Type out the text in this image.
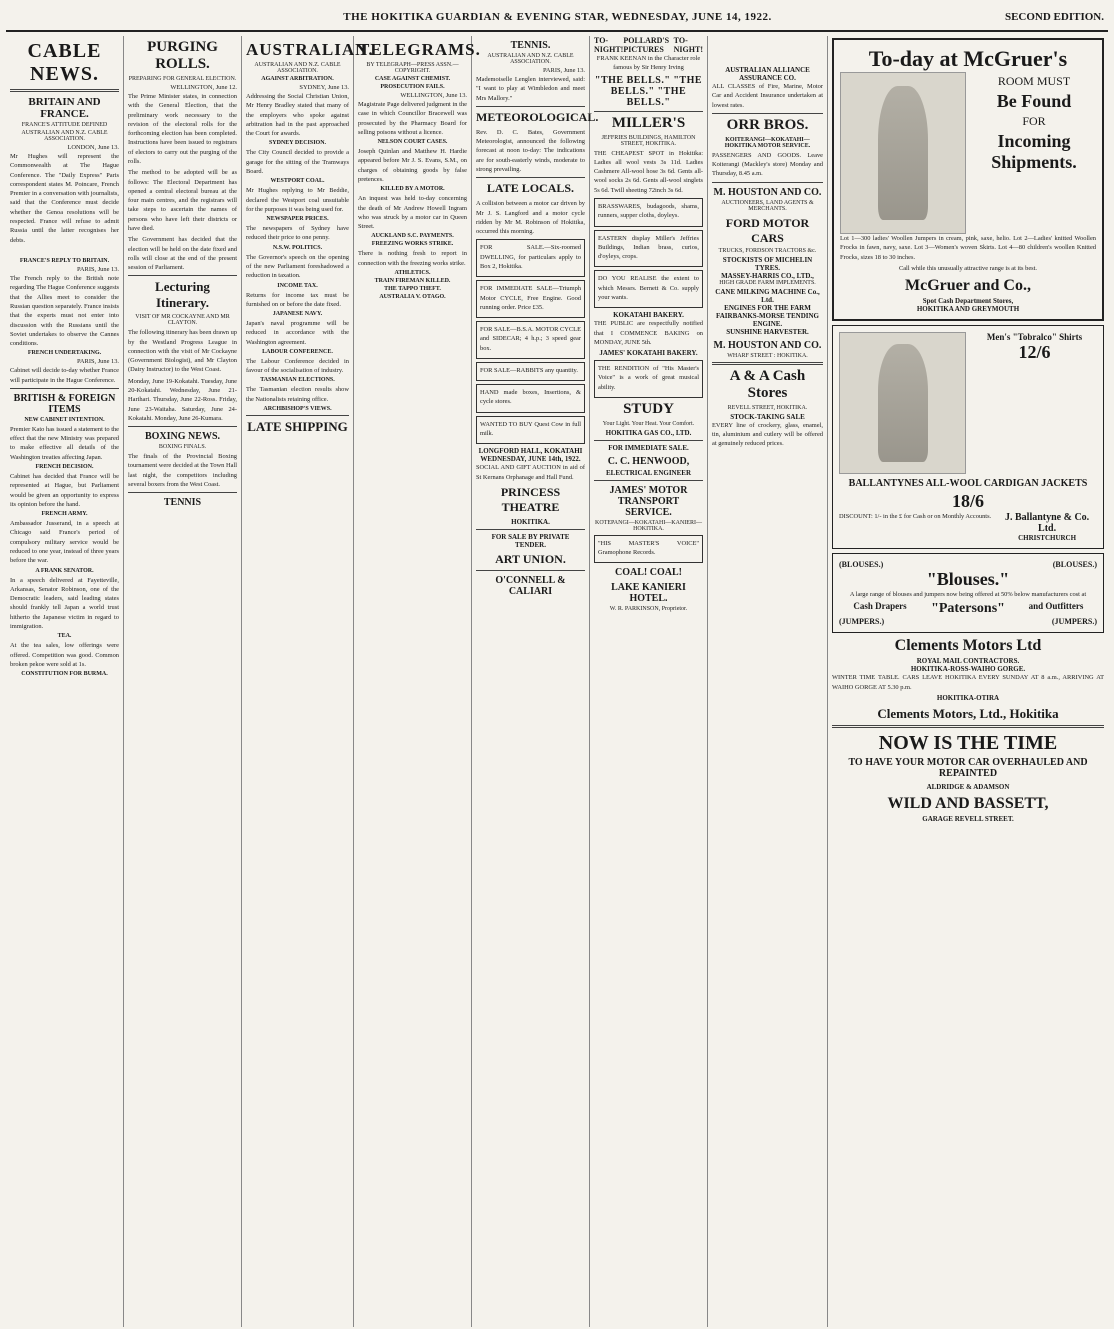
THE HOKITIKA GUARDIAN & EVENING STAR, WEDNESDAY, JUNE 14, 1922.	SECOND EDITION.
CABLE NEWS.
BRITAIN AND FRANCE.
FRANCE'S ATTITUDE DEFINED
AUSTRALIAN AND N.Z. CABLE ASSOCIATION.
LONDON, June 13.

Mr Hughes will represent the Commonwealth at The Hague Conference. The "Daily Express" Paris correspondent states M. Poincare, French Premier in a conversation with journalists, said that the Conference must decide whether the Genoa resolutions will be respected. France will refuse to admit Russia until the latter recognises her debts.

FRANCE'S REPLY TO BRITAIN.
PARIS, June 13.

The French reply to the British note regarding The Hague Conference suggests that the Allies meet to consider the Russian question separately. France insists that the experts must not enter into discussion with the Russians until the Soviet undertakes to observe the Cannes conditions.

FRENCH UNDERTAKING.
PARIS, June 13.

Cabinet will decide to-day whether France will participate in the Hague Conference.

BRITISH & FOREIGN ITEMS
NEW CABINET INTENTION.

Premier Kato has issued a statement to the effect that the new Ministry was prepared to make effective all details of the Washington treaties affecting Japan.

FRENCH DECISION.

Cabinet has decided that France will be represented at Hague, but Parliament would be given an opportunity to express its opinion before the hand.

FRENCH ARMY.

Ambassador Jusserand, in a speech at Chicago said France's period of compulsory military service would be reduced to one year, instead of three years before the war.

A FRANK SENATOR.

In a speech delivered at Fayetteville, Arkansas, Senator Robinson, one of the Democratic leaders, said leading states should frankly tell Japan a world trust hitherto the Japanese victim in regard to immigration.

TEA.

At the tea sales, low offerings were offered. Competition was good. Common broken pekoe were sold at 1s.

CONSTITUTION FOR BURMA.
PURGING ROLLS.
PREPARING FOR GENERAL ELECTION.
WELLINGTON, June 12.

The Prime Minister states, in connection with the General Election, that the preliminary work necessary to the revision of the electoral rolls for the forthcoming election has been completed. Instructions have been issued to registrars of electors to carry out the purging of the rolls.

The method to be adopted will be as follows: The Electoral Department has opened a central electoral bureau at the four main centres, and the registrars will take steps to ascertain the names of persons who have left their districts or have died.

The Government has decided that the election will be held on the date fixed and rolls will close at the end of the present session of Parliament.

Lecturing Itinerary.
VISIT OF MR COCKAYNE AND MR CLAYTON.

The following itinerary has been drawn up by the Westland Progress League in connection with the visit of Mr Cockayne (Government Biologist), and Mr Clayton (Dairy Instructor) to the West Coast.

Monday, June 19-Kokatahi. Tuesday, June 20-Kokatahi. Wednesday, June 21-Harihari. Thursday, June 22-Ross. Friday, June 23-Waitaha. Saturday, June 24-Kokatahi. Monday, June 26-Kumara.

BOXING NEWS.
BOXING FINALS.

The finals of the Provincial Boxing tournament were decided at the Town Hall last night, the competitors including several boxers from the West Coast.

TENNIS
AUSTRALIAN.
AUSTRALIAN AND N.Z. CABLE ASSOCIATION.
AGAINST ARBITRATION.
SYDNEY, June 13.

Addressing the Social Christian Union, Mr Henry Bradley stated that many of the employers who spoke against arbitration had in the past approached the Court for awards.

SYDNEY DECISION.

The City Council decided to provide a garage for the sitting of the Tramways Board.

WESTPORT COAL.

Mr Hughes replying to Mr Beddie, declared the Westport coal unsuitable for the purposes it was being used for.

NEWSPAPER PRICES.

The newspapers of Sydney have reduced their price to one penny.

N.S.W. POLITICS.

The Governor's speech on the opening of the new Parliament foreshadowed a reduction in taxation.

INCOME TAX.

Returns for income tax must be furnished on or before the date fixed.

JAPANESE NAVY.

Japan's naval programme will be reduced in accordance with the Washington agreement.

LABOUR CONFERENCE.

The Labour Conference decided in favour of the socialisation of industry.

TASMANIAN ELECTIONS.

The Tasmanian election results show the Nationalists retaining office.

ARCHBISHOP'S VIEWS.
LATE SHIPPING
TELEGRAMS.
BY TELEGRAPH—PRESS ASSN.—COPYRIGHT.
CASE AGAINST CHEMIST.
PROSECUTION FAILS.
WELLINGTON, June 13.

Magistrate Page delivered judgment in the case in which Councillor Bracewell was prosecuted by the Pharmacy Board for selling poisons without a licence.

NELSON COURT CASES.

Joseph Quinlan and Matthew H. Hardie appeared before Mr J. S. Evans, S.M., on charges of obtaining goods by false pretences.

KILLED BY A MOTOR.

An inquest was held to-day concerning the death of Mr Andrew Howell Ingram who was struck by a motor car in Queen Street.

AUCKLAND S.C. PAYMENTS.
FREEZING WORKS STRIKE.

There is nothing fresh to report in connection with the freezing works strike.

ATHLETICS.
TRAIN FIREMAN KILLED.
THE TAPPO THEFT.
AUSTRALIA V. OTAGO.
TENNIS.
AUSTRALIAN AND N.Z. CABLE ASSOCIATION.
PARIS, June 13.

Mademoiselle Lenglen interviewed, said: "I want to play at Wimbledon and meet Mrs Mallory."

METEOROLOGICAL.

Rev. D. C. Bates, Government Meteorologist, announced the following forecast at noon to-day: The indications are for south-easterly winds, moderate to strong prevailing.

LATE LOCALS.

A collision between a motor car driven by Mr J. S. Langford and a motor cycle ridden by Mr M. Robinson of Hokitika, occurred this morning.

FOR SALE.—Six-roomed DWELLING, for particulars apply to Box 2, Hokitika.

FOR IMMEDIATE SALE—Triumph Motor CYCLE, Free Engine. Good running order. Price £35.

FOR SALE—B.S.A. MOTOR CYCLE and SIDECAR; 4 h.p.; 3 speed gear box.

FOR SALE—RABBITS any quantity.

HAND made boxes, Insertions, & cycle stores.

WANTED TO BUY Quest Cow in full milk.

LONGFORD HALL, KOKATAHI
WEDNESDAY, JUNE 14th, 1922.

SOCIAL AND GIFT AUCTION in aid of St Kernans Orphanage and Hall Fund.

PRINCESS THEATRE
HOKITIKA.
FOR SALE BY PRIVATE TENDER.
ART UNION.
O'CONNELL & CALIARI
TO-NIGHT!
POLLARD'S PICTURES
TO-NIGHT!

FRANK KEENAN in the Character role famous by Sir Henry Irving

"THE BELLS." "THE BELLS." "THE BELLS."
MILLER'S
JEFFRIES BUILDINGS, HAMILTON STREET, HOKITIKA.

THE CHEAPEST SPOT in Hokitika: Ladies all wool vests 3s 11d. Ladies Cashmere All-wool hose 3s 6d. Gents all-wool socks 2s 6d. Gents all-wool singlets 5s 6d. Twill sheeting 72inch 3s 6d.

BRASSWARES, budagoods, shams, runners, supper cloths, doyleys.

EASTERN display Miller's Jeffries Buildings, Indian brass, curios, d'oyleys, crops.

DO YOU REALISE the extent to which Messrs. Bernett & Co. supply your wants.

KOKATAHI BAKERY.

THE PUBLIC are respectfully notified that I COMMENCE BAKING on MONDAY, JUNE 5th.

JAMES' KOKATAHI BAKERY.

THE RENDITION of "His Master's Voice" is a work of great musical ability.

STUDY
Your Light. Your Heat. Your Comfort.
HOKITIKA GAS CO., LTD.
FOR IMMEDIATE SALE.
C. C. HENWOOD,
ELECTRICAL ENGINEER
JAMES' MOTOR TRANSPORT SERVICE.
KOTEPANGI—KOKATAHI—KANIERI—HOKITIKA.

"HIS MASTER'S VOICE" Gramophone Records.

COAL! COAL!
LAKE KANIERI HOTEL.
W. R. PARKINSON, Proprietor.
AUSTRALIAN ALLIANCE ASSURANCE CO.

ALL CLASSES of Fire, Marine, Motor Car and Accident Insurance undertaken at lowest rates.

ORR BROS.
KOITERANGI—KOKATAHI—HOKITIKA MOTOR SERVICE.

PASSENGERS AND GOODS. Leave Koiterangi (Mackley's store) Monday and Thursday, 8.45 a.m.

M. HOUSTON AND CO.
AUCTIONEERS, LAND AGENTS & MERCHANTS.
FORD MOTOR CARS
TRUCKS, FORDSON TRACTORS &c.
STOCKISTS OF MICHELIN TYRES.
MASSEY-HARRIS CO., LTD.,
HIGH GRADE FARM IMPLEMENTS.
CANE MILKING MACHINE Co., Ltd.
ENGINES FOR THE FARM
FAIRBANKS-MORSE TENDING ENGINE.
SUNSHINE HARVESTER.
M. HOUSTON AND CO.
WHARF STREET : HOKITIKA.
A & A Cash Stores
REVELL STREET, HOKITIKA.
STOCK-TAKING SALE

EVERY line of crockery, glass, enamel, tin, aluminium and cutlery will be offered at genuinely reduced prices.

To-day at McGruer's
ROOM MUST
Be Found
FOR
Incoming
Shipments.

Lot 1—300 ladies' Woollen Jumpers in cream, pink, saxe, helio. Lot 2—Ladies' knitted Woollen Frocks in fawn, navy, saxe. Lot 3—Women's woven Skirts. Lot 4—80 children's woollen Knitted Frocks, sizes 18 to 30 inches.

Call while this unusually attractive range is at its best.

McGruer and Co.,
Spot Cash Department Stores,
HOKITIKA AND GREYMOUTH
Men's "Tobralco" Shirts
12/6
BALLANTYNES ALL-WOOL CARDIGAN JACKETS
18/6

DISCOUNT: 1/- in the £ for Cash or on Monthly Accounts.	J. Ballantyne & Co. Ltd.
CHRISTCHURCH
(BLOUSES.)	(BLOUSES.)
"Blouses."

A large range of blouses and jumpers now being offered at 50% below manufacturers cost at

Cash Drapers	"Patersons"	and Outfitters
(JUMPERS.)	(JUMPERS.)
Clements Motors Ltd
ROYAL MAIL CONTRACTORS.
HOKITIKA-ROSS-WAIHO GORGE.

WINTER TIME TABLE. CARS LEAVE HOKITIKA EVERY SUNDAY AT 8 a.m., ARRIVING AT WAIHO GORGE AT 5.30 p.m.

HOKITIKA-OTIRA
Clements Motors, Ltd., Hokitika
NOW IS THE TIME
TO HAVE YOUR MOTOR CAR OVERHAULED AND REPAINTED
ALDRIDGE & ADAMSON
WILD AND BASSETT,
GARAGE REVELL STREET.
